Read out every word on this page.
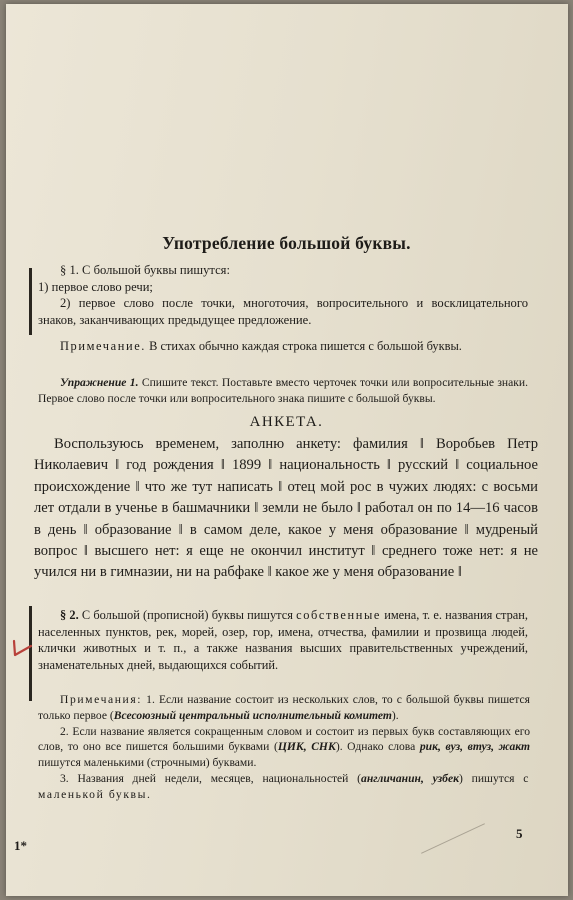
Употребление большой буквы.
§ 1. С большой буквы пишутся:
1) первое слово речи;
2) первое слово после точки, многоточия, вопросительного и восклицательного знаков, заканчивающих предыдущее предложение.
Примечание. В стихах обычно каждая строка пишется с большой буквы.
Упражнение 1. Спишите текст. Поставьте вместо черточек точки или вопросительные знаки. Первое слово после точки или вопросительного знака пишите с большой буквы.
АНКЕТА.
Воспользуюсь временем, заполню анкету: фамилия ‖ Воробьев Петр Николаевич ‖ год рождения ‖ 1899 ‖ национальность ‖ русский ‖ социальное происхождение ‖ что же тут написать ‖ отец мой рос в чужих людях: с восьми лет отдали в ученье в башмачники ‖ земли не было ‖ работал он по 14—16 часов в день ‖ образование ‖ в самом деле, какое у меня образование ‖ мудреный вопрос ‖ высшего нет: я еще не окончил институт ‖ среднего тоже нет: я не учился ни в гимназии, ни на рабфаке ‖ какое же у меня образование ‖
§ 2. С большой (прописной) буквы пишутся собственные имена, т. е. названия стран, населенных пунктов, рек, морей, озер, гор, имена, отчества, фамилии и прозвища людей, клички животных и т. п., а также названия высших правительственных учреждений, знаменательных дней, выдающихся событий.

Примечания: 1. Если название состоит из нескольких слов, то с большой буквы пишется только первое (Всесоюзный центральный исполнительный комитет).

2. Если название является сокращенным словом и состоит из первых букв составляющих его слов, то оно все пишется большими буквами (ЦИК, СНК). Однако слова рик, вуз, втуз, жакт пишутся маленькими (строчными) буквами.

3. Названия дней недели, месяцев, национальностей (англичанин, узбек) пишутся с маленькой буквы.

1*
5
